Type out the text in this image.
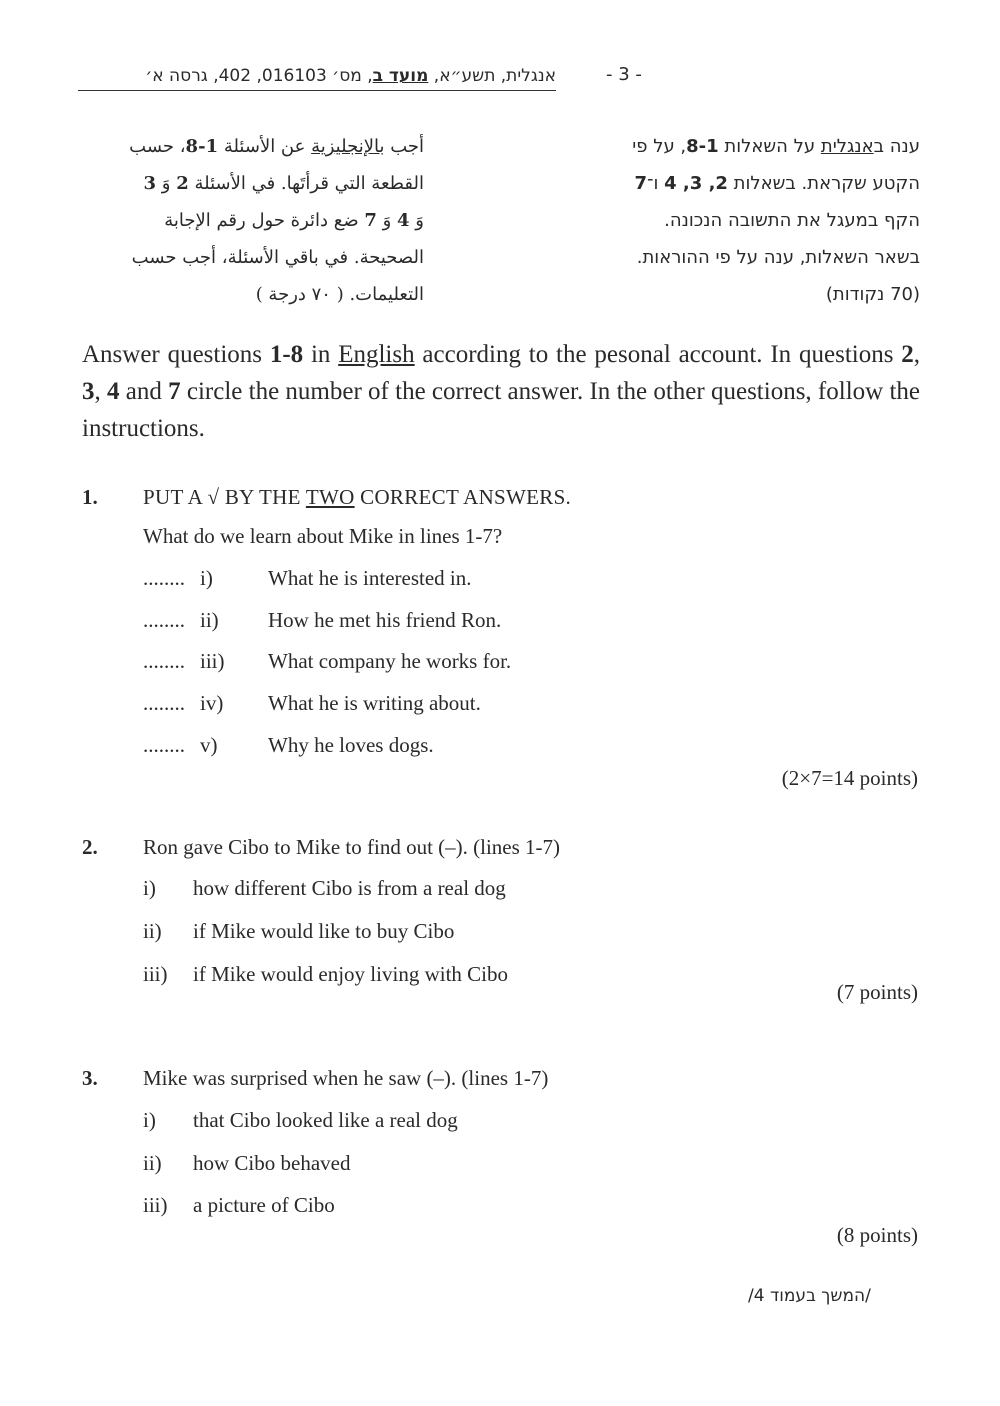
אנגלית, תשע״א, מועד ב, מס׳ 016103, 402, גרסה א׳	- 3 -
ענה באנגלית על השאלות 8-1, על פי
הקטע שקראת. בשאלות 2, 3, 4 ו־7
הקף במעגל את התשובה הנכונה.
בשאר השאלות, ענה על פי ההוראות.
(70 נקודות)
أجب بالإنجليزية عن الأسئلة 1-8، حسب
القطعة التي قرأتَها. في الأسئلة 2 وَ 3
وَ 4 وَ 7 ضع دائرة حول رقم الإجابة
الصحيحة. في باقي الأسئلة، أجب حسب
التعليمات. ( ٧٠ درجة )
Answer questions 1-8 in English according to the pesonal account. In questions 2, 3, 4 and 7 circle the number of the correct answer. In the other questions, follow the instructions.
1. PUT A √ BY THE TWO CORRECT ANSWERS.
What do we learn about Mike in lines 1-7?
........ i)	What he is interested in.
........ ii) How he met his friend Ron.
........ iii) What company he works for.
........ iv) What he is writing about.
........ v) Why he loves dogs.
(2×7=14 points)
2. Ron gave Cibo to Mike to find out (–). (lines 1-7)
i) how different Cibo is from a real dog
ii) if Mike would like to buy Cibo
iii) if Mike would enjoy living with Cibo
(7 points)
3. Mike was surprised when he saw (–). (lines 1-7)
i) that Cibo looked like a real dog
ii) how Cibo behaved
iii) a picture of Cibo
(8 points)
/המשך בעמוד 4/
